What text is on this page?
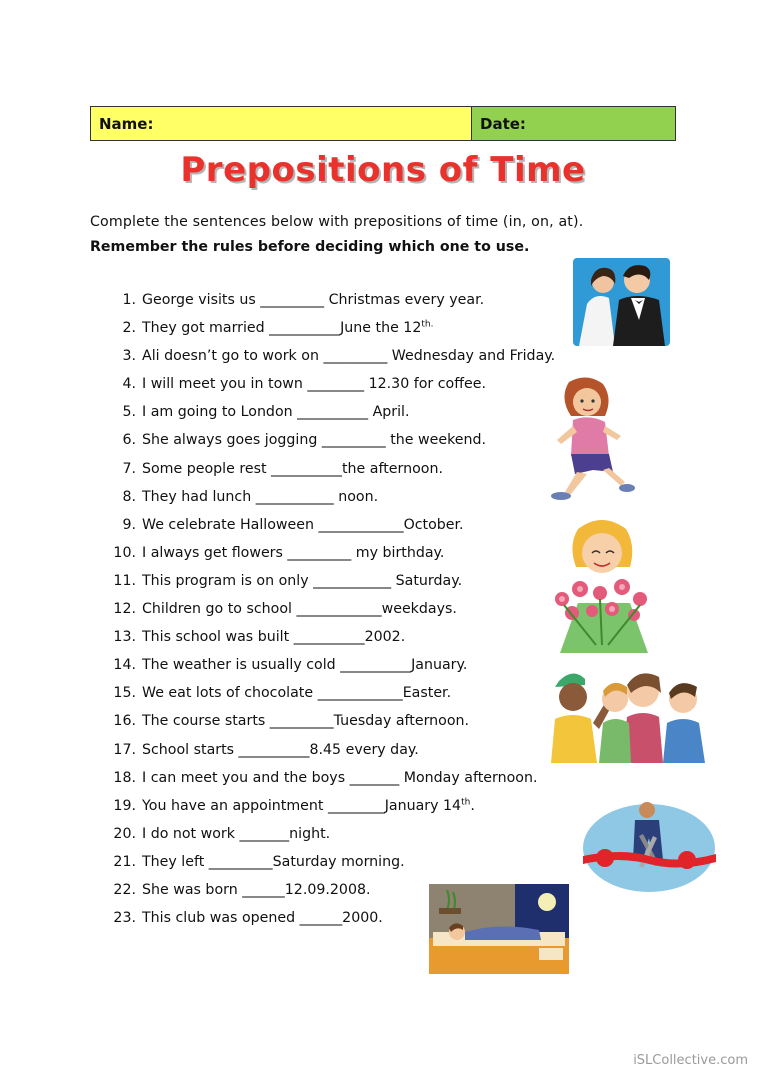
Name:	Date:
Prepositions of Time
Complete the sentences below with prepositions of time (in, on, at).
Remember the rules before deciding which one to use.
1. George visits us _________ Christmas every year.
2. They got married __________June the $12^{th.}$
3. Ali doesn’t go to work on _________ Wednesday and Friday.
4. I will meet you in town ________ 12.30 for coffee.
5. I am going to London __________ April.
6. She always goes jogging _________ the weekend.
7. Some people rest __________the afternoon.
8. They had lunch ___________ noon.
9. We celebrate Halloween ____________October.
10. I always get flowers _________ my birthday.
11. This program is on only ___________ Saturday.
12. Children go to school ____________weekdays.
13. This school was built __________2002.
14. The weather is usually cold __________January.
15. We eat lots of chocolate ____________Easter.
16. The course starts _________Tuesday afternoon.
17. School starts __________8.45 every day.
18. I can meet you and the boys _______ Monday afternoon.
19. You have an appointment ________January 14th.
20. I do not work _______night.
21. They left _________Saturday morning.
22. She was born ______12.09.2008.
23. This club was opened ______2000.
iSLCollective.com
